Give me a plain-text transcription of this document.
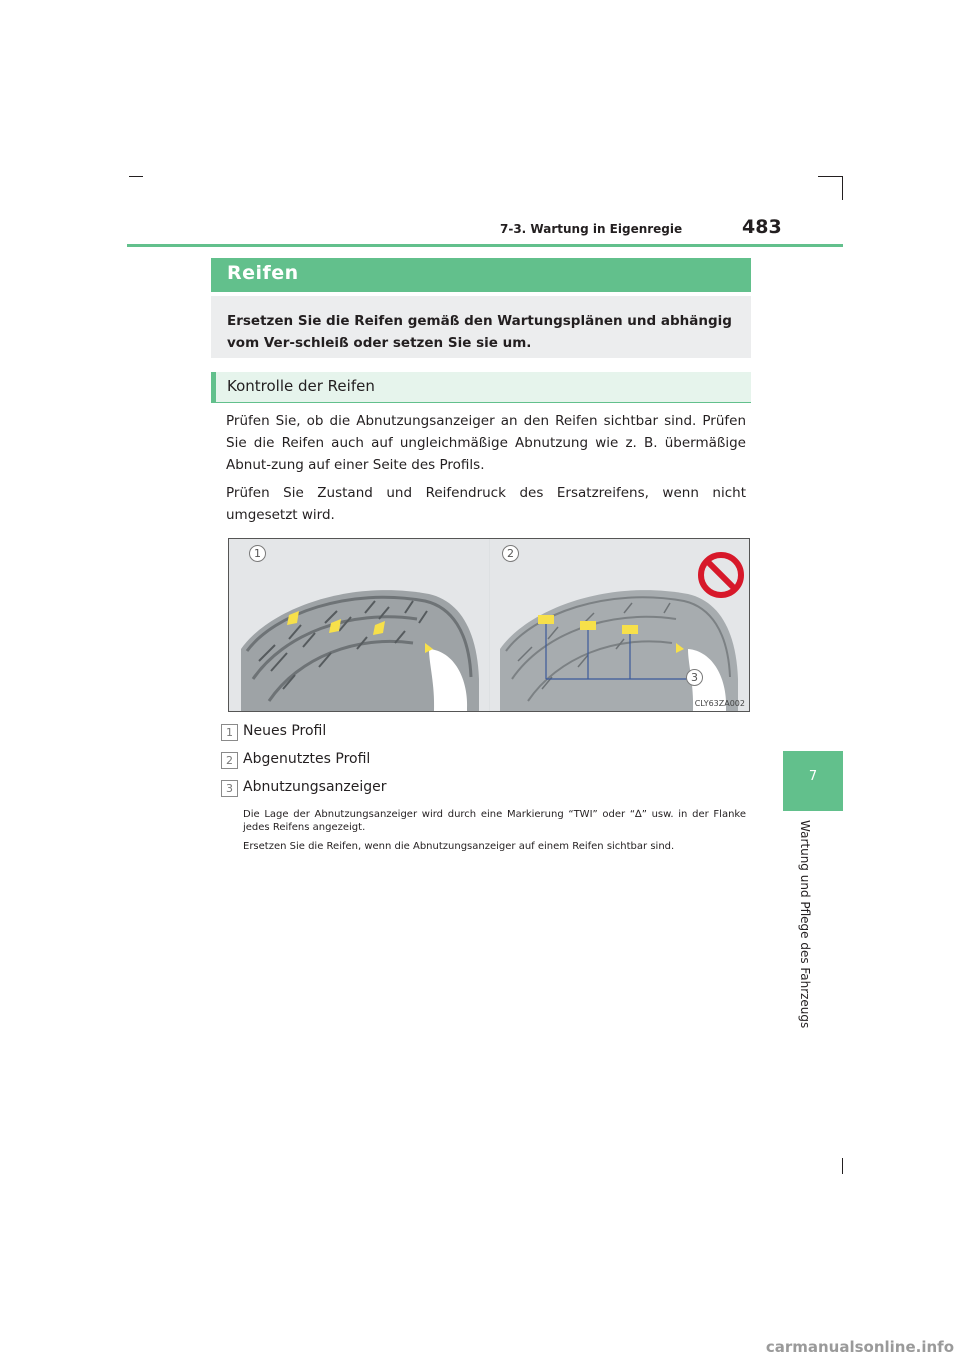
7-3. Wartung in Eigenregie	483
7
Wartung und Pflege des Fahrzeugs
Reifen
Ersetzen Sie die Reifen gemäß den Wartungsplänen und abhängig vom Ver-schleiß oder setzen Sie sie um.
Kontrolle der Reifen
Prüfen Sie, ob die Abnutzungsanzeiger an den Reifen sichtbar sind. Prüfen Sie die Reifen auch auf ungleichmäßige Abnutzung wie z. B. übermäßige Abnut-zung auf einer Seite des Profils.
Prüfen Sie Zustand und Reifendruck des Ersatzreifens, wenn nicht umgesetzt wird.
1	2
3
CLY63ZA002
1 Neues Profil
2 Abgenutztes Profil
3 Abnutzungsanzeiger
Die Lage der Abnutzungsanzeiger wird durch eine Markierung “TWI” oder “∆” usw. in der Flanke jedes Reifens angezeigt.
Ersetzen Sie die Reifen, wenn die Abnutzungsanzeiger auf einem Reifen sichtbar sind.
carmanualsonline.info
